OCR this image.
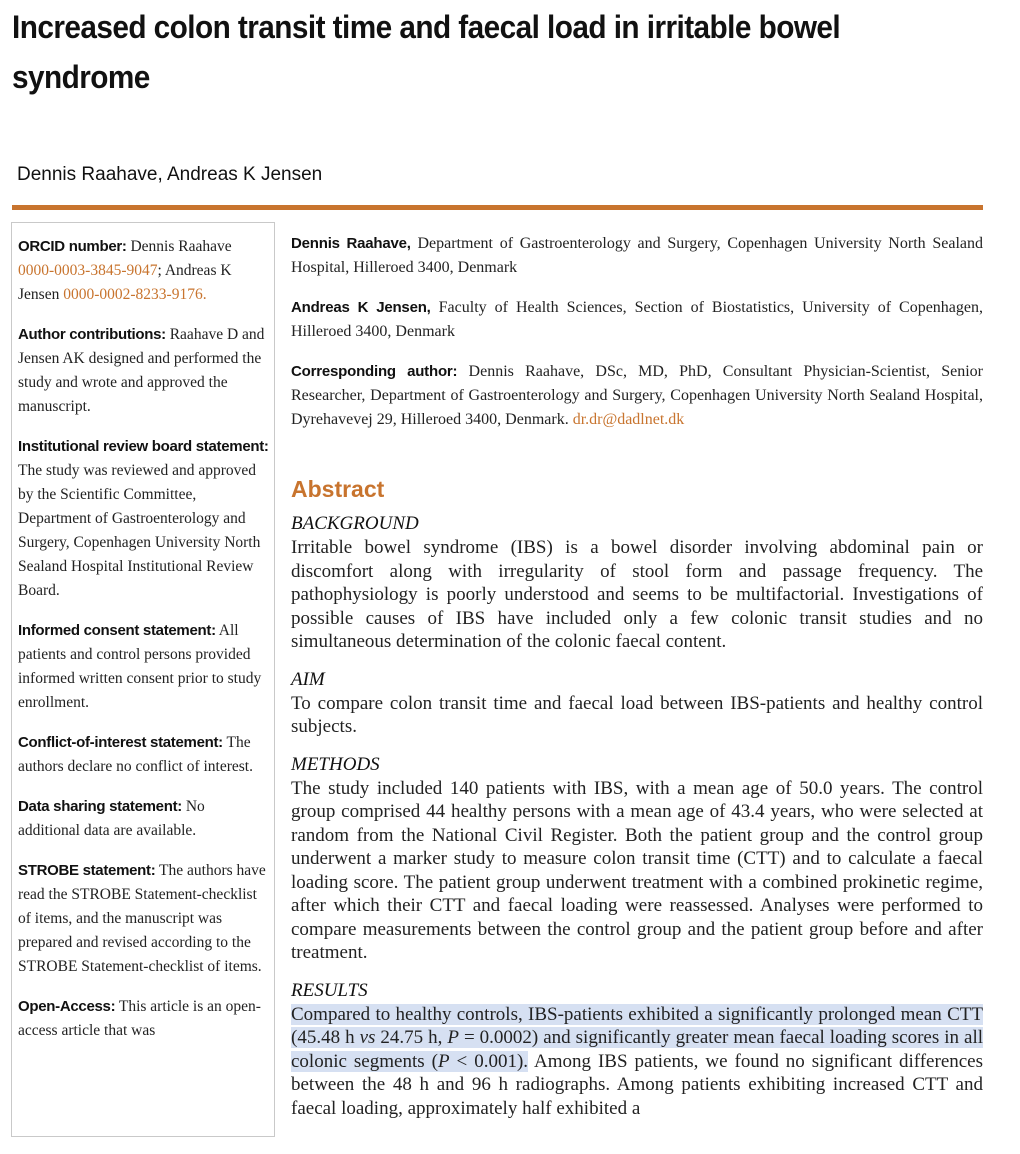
Increased colon transit time and faecal load in irritable bowel syndrome
Dennis Raahave, Andreas K Jensen
ORCID number: Dennis Raahave 0000-0003-3845-9047; Andreas K Jensen 0000-0002-8233-9176.
Author contributions: Raahave D and Jensen AK designed and performed the study and wrote and approved the manuscript.
Institutional review board statement: The study was reviewed and approved by the Scientific Committee, Department of Gastroenterology and Surgery, Copenhagen University North Sealand Hospital Institutional Review Board.
Informed consent statement: All patients and control persons provided informed written consent prior to study enrollment.
Conflict-of-interest statement: The authors declare no conflict of interest.
Data sharing statement: No additional data are available.
STROBE statement: The authors have read the STROBE Statement-checklist of items, and the manuscript was prepared and revised according to the STROBE Statement-checklist of items.
Open-Access: This article is an open-access article that was
Dennis Raahave, Department of Gastroenterology and Surgery, Copenhagen University North Sealand Hospital, Hilleroed 3400, Denmark
Andreas K Jensen, Faculty of Health Sciences, Section of Biostatistics, University of Copenhagen, Hilleroed 3400, Denmark
Corresponding author: Dennis Raahave, DSc, MD, PhD, Consultant Physician-Scientist, Senior Researcher, Department of Gastroenterology and Surgery, Copenhagen University North Sealand Hospital, Dyrehavevej 29, Hilleroed 3400, Denmark. dr.dr@dadlnet.dk
Abstract
BACKGROUND
Irritable bowel syndrome (IBS) is a bowel disorder involving abdominal pain or discomfort along with irregularity of stool form and passage frequency. The pathophysiology is poorly understood and seems to be multifactorial. Investigations of possible causes of IBS have included only a few colonic transit studies and no simultaneous determination of the colonic faecal content.
AIM
To compare colon transit time and faecal load between IBS-patients and healthy control subjects.
METHODS
The study included 140 patients with IBS, with a mean age of 50.0 years. The control group comprised 44 healthy persons with a mean age of 43.4 years, who were selected at random from the National Civil Register. Both the patient group and the control group underwent a marker study to measure colon transit time (CTT) and to calculate a faecal loading score. The patient group underwent treatment with a combined prokinetic regime, after which their CTT and faecal loading were reassessed. Analyses were performed to compare measurements between the control group and the patient group before and after treatment.
RESULTS
Compared to healthy controls, IBS-patients exhibited a significantly prolonged mean CTT (45.48 h vs 24.75 h, P = 0.0002) and significantly greater mean faecal loading scores in all colonic segments (P < 0.001). Among IBS patients, we found no significant differences between the 48 h and 96 h radiographs. Among patients exhibiting increased CTT and faecal loading, approximately half exhibited a
